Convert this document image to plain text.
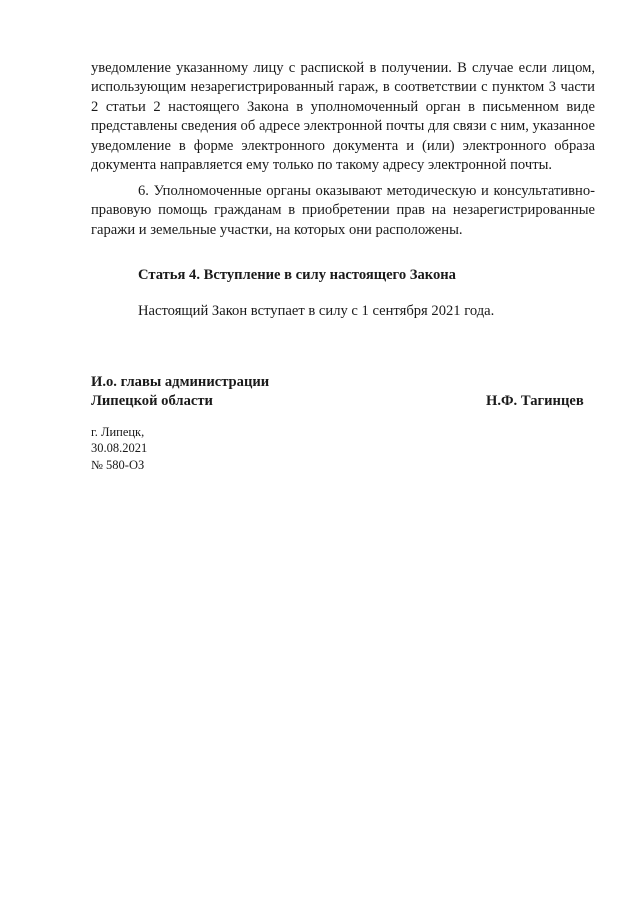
уведомление указанному лицу с распиской в получении. В случае если лицом, использующим незарегистрированный гараж, в соответствии с пунктом 3 части 2 статьи 2 настоящего Закона в уполномоченный орган в письменном виде представлены сведения об адресе электронной почты для связи с ним, указанное уведомление в форме электронного документа и (или) электронного образа документа направляется ему только по такому адресу электронной почты.

6. Уполномоченные органы оказывают методическую и консультативно-правовую помощь гражданам в приобретении прав на незарегистрированные гаражи и земельные участки, на которых они расположены.

Статья 4. Вступление в силу настоящего Закона
Настоящий Закон вступает в силу с 1 сентября 2021 года.
И.о. главы администрации
Липецкой области	Н.Ф. Тагинцев
г. Липецк,
30.08.2021
№ 580-ОЗ
